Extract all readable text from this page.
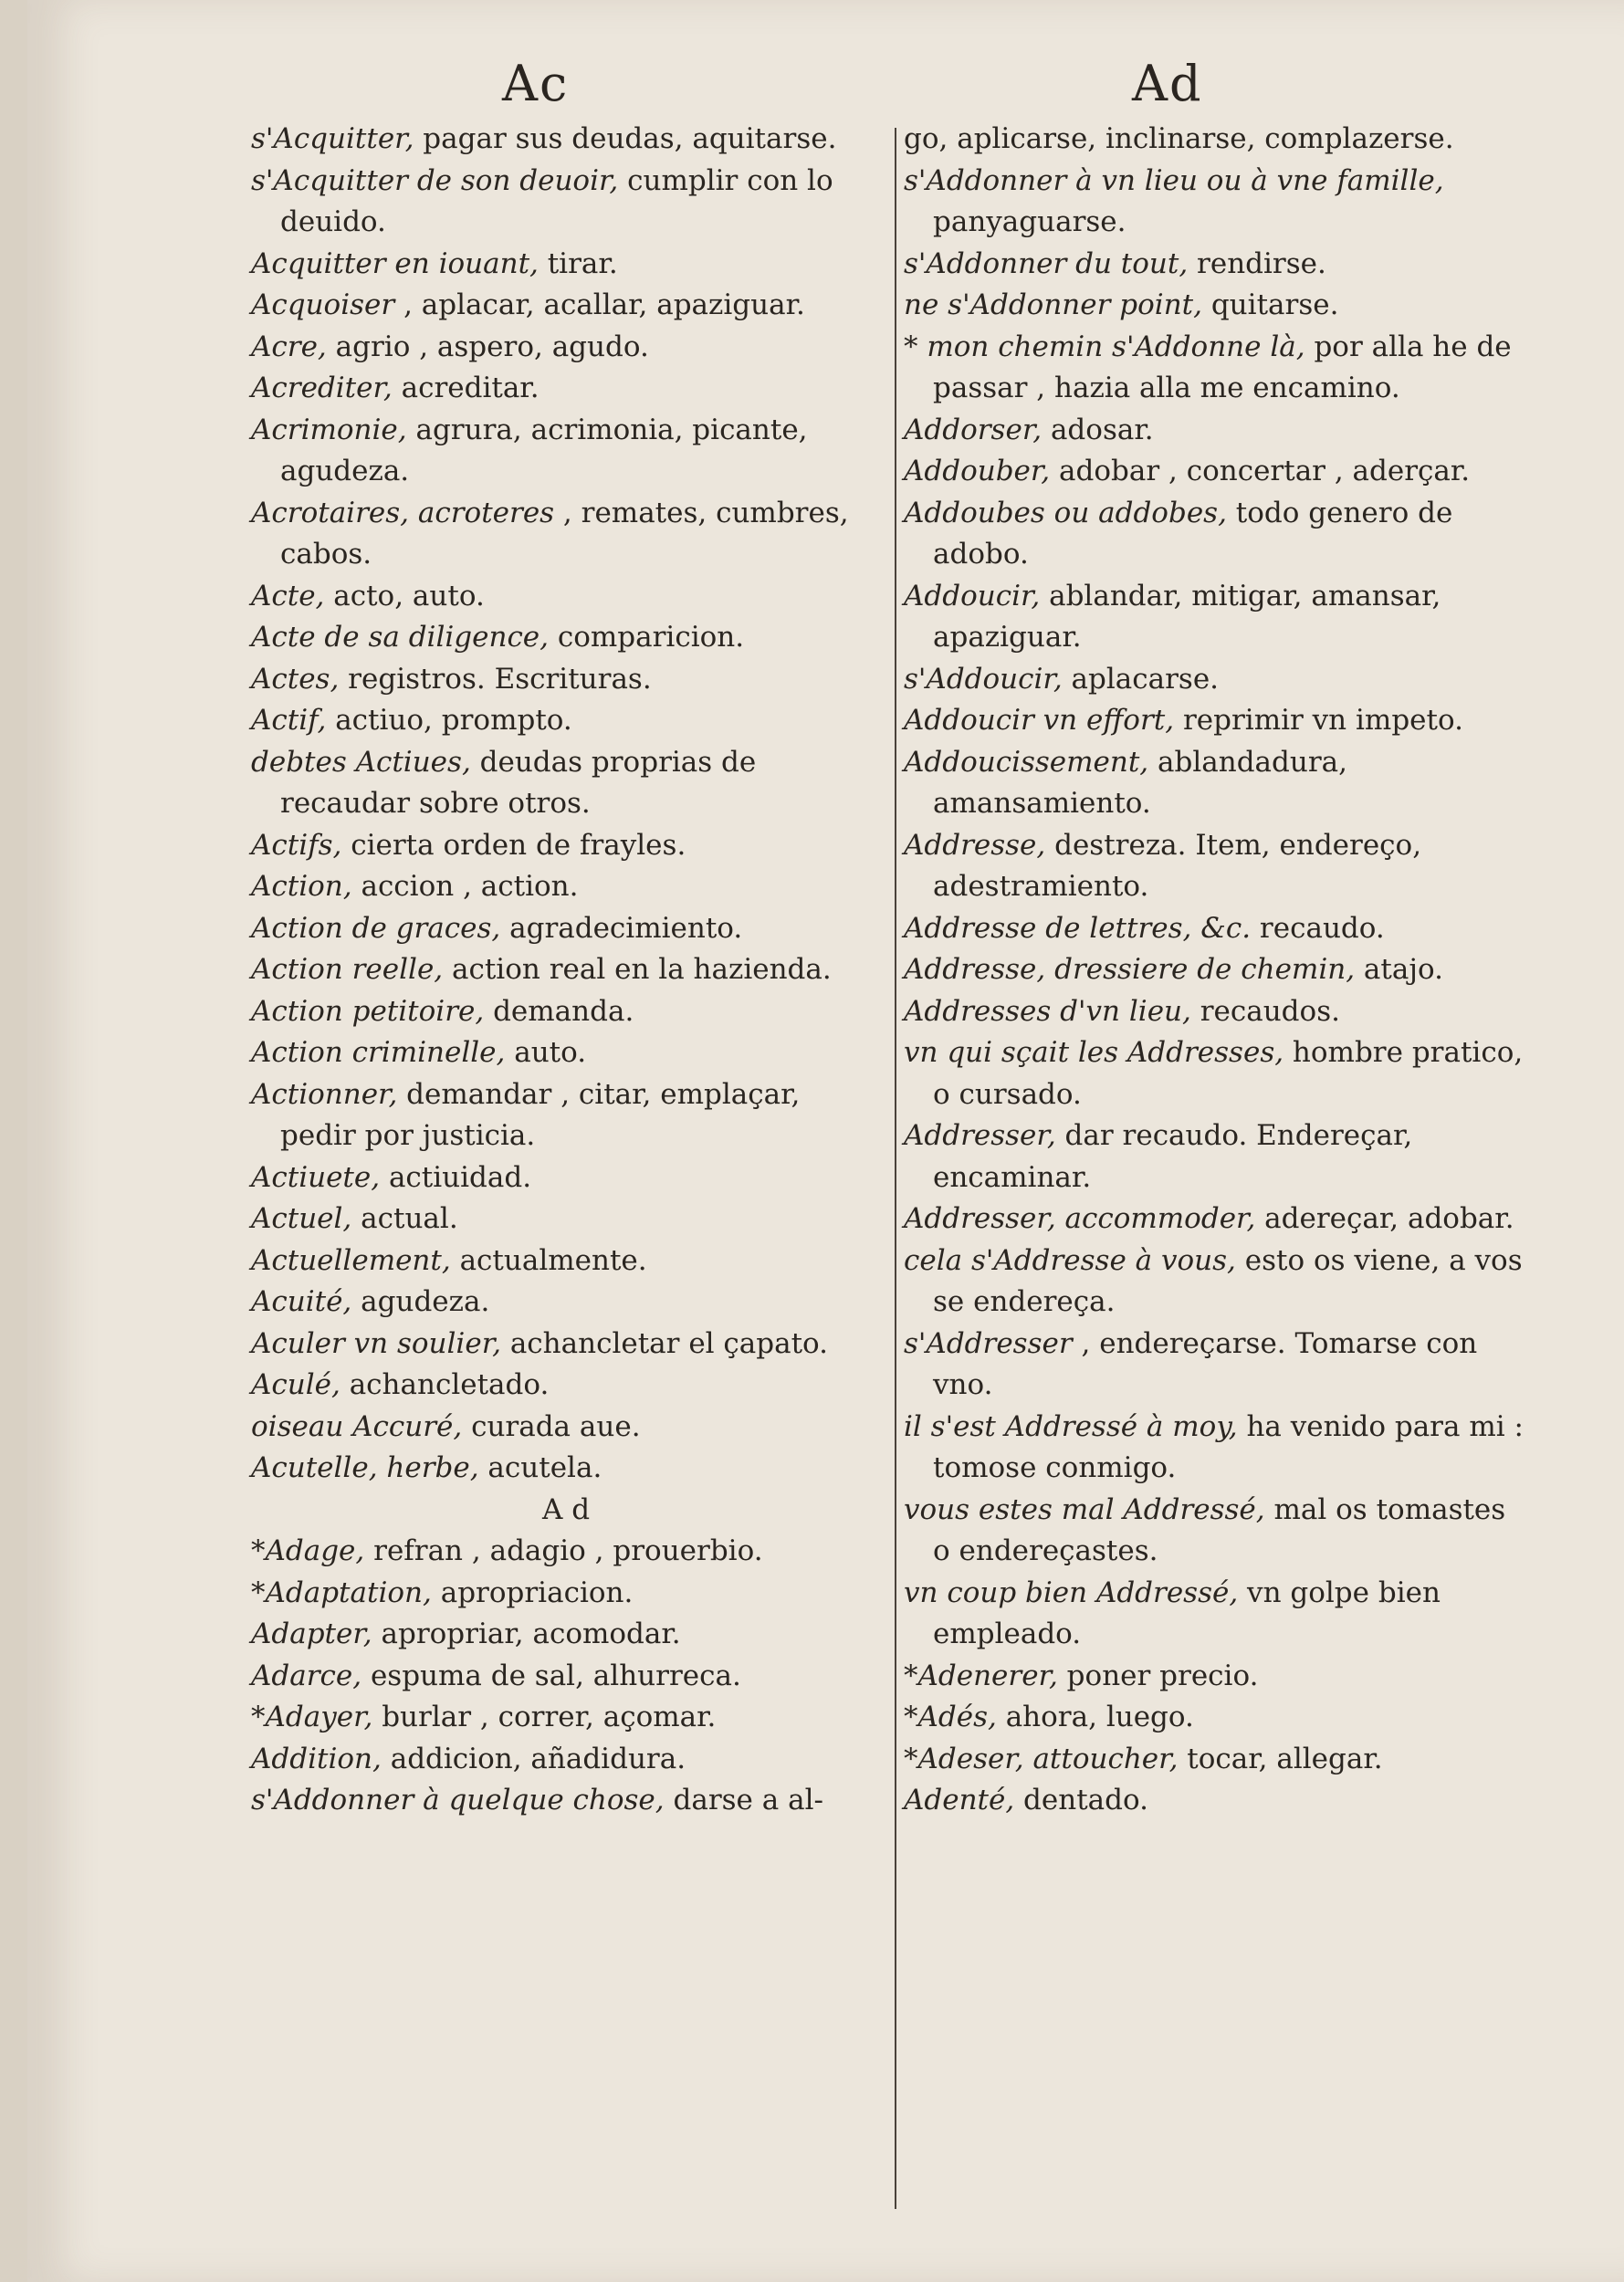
Ac	Ad

s'Acquitter, pagar sus deudas, aquitarse.

s'Acquitter de son deuoir, cumplir con lo deuido.

Acquitter en iouant, tirar.

Acquoiser , aplacar, acallar, apaziguar.

Acre, agrio , aspero, agudo.

Acrediter, acreditar.

Acrimonie, agrura, acrimonia, picante, agudeza.

Acrotaires, acroteres , remates, cumbres, cabos.

Acte, acto, auto.

Acte de sa diligence, comparicion.

Actes, registros. Escrituras.

Actif, actiuo, prompto.

debtes Actiues, deudas proprias de recaudar sobre otros.

Actifs, cierta orden de frayles.

Action, accion , action.

Action de graces, agradecimiento.

Action reelle, action real en la hazienda.

Action petitoire, demanda.

Action criminelle, auto.

Actionner, demandar , citar, emplaçar, pedir por justicia.

Actiuete, actiuidad.

Actuel, actual.

Actuellement, actualmente.

Acuité, agudeza.

Aculer vn soulier, achancletar el çapato.

Aculé, achancletado.

oiseau Accuré, curada aue.

Acutelle, herbe, acutela.

A d

*Adage, refran , adagio , prouerbio.

*Adaptation, apropriacion.

Adapter, apropriar, acomodar.

Adarce, espuma de sal, alhurreca.

*Adayer, burlar , correr, açomar.

Addition, addicion, añadidura.

s'Addonner à quelque chose, darse a al-

go, aplicarse, inclinarse, complazerse.

s'Addonner à vn lieu ou à vne famille, panyaguarse.

s'Addonner du tout, rendirse.

ne s'Addonner point, quitarse.

* mon chemin s'Addonne là, por alla he de passar , hazia alla me encamino.

Addorser, adosar.

Addouber, adobar , concertar , aderçar.

Addoubes ou addobes, todo genero de adobo.

Addoucir, ablandar, mitigar, amansar, apaziguar.

s'Addoucir, aplacarse.

Addoucir vn effort, reprimir vn impeto.

Addoucissement, ablandadura, amansamiento.

Addresse, destreza. Item, endereço, adestramiento.

Addresse de lettres, &c. recaudo.

Addresse, dressiere de chemin, atajo.

Addresses d'vn lieu, recaudos.

vn qui sçait les Addresses, hombre pratico, o cursado.

Addresser, dar recaudo. Endereçar, encaminar.

Addresser, accommoder, adereçar, adobar.

cela s'Addresse à vous, esto os viene, a vos se endereça.

s'Addresser , endereçarse. Tomarse con vno.

il s'est Addressé à moy, ha venido para mi : tomose conmigo.

vous estes mal Addressé, mal os tomastes o endereçastes.

vn coup bien Addressé, vn golpe bien empleado.

*Adenerer, poner precio.

*Adés, ahora, luego.

*Adeser, attoucher, tocar, allegar.

Adenté, dentado.
